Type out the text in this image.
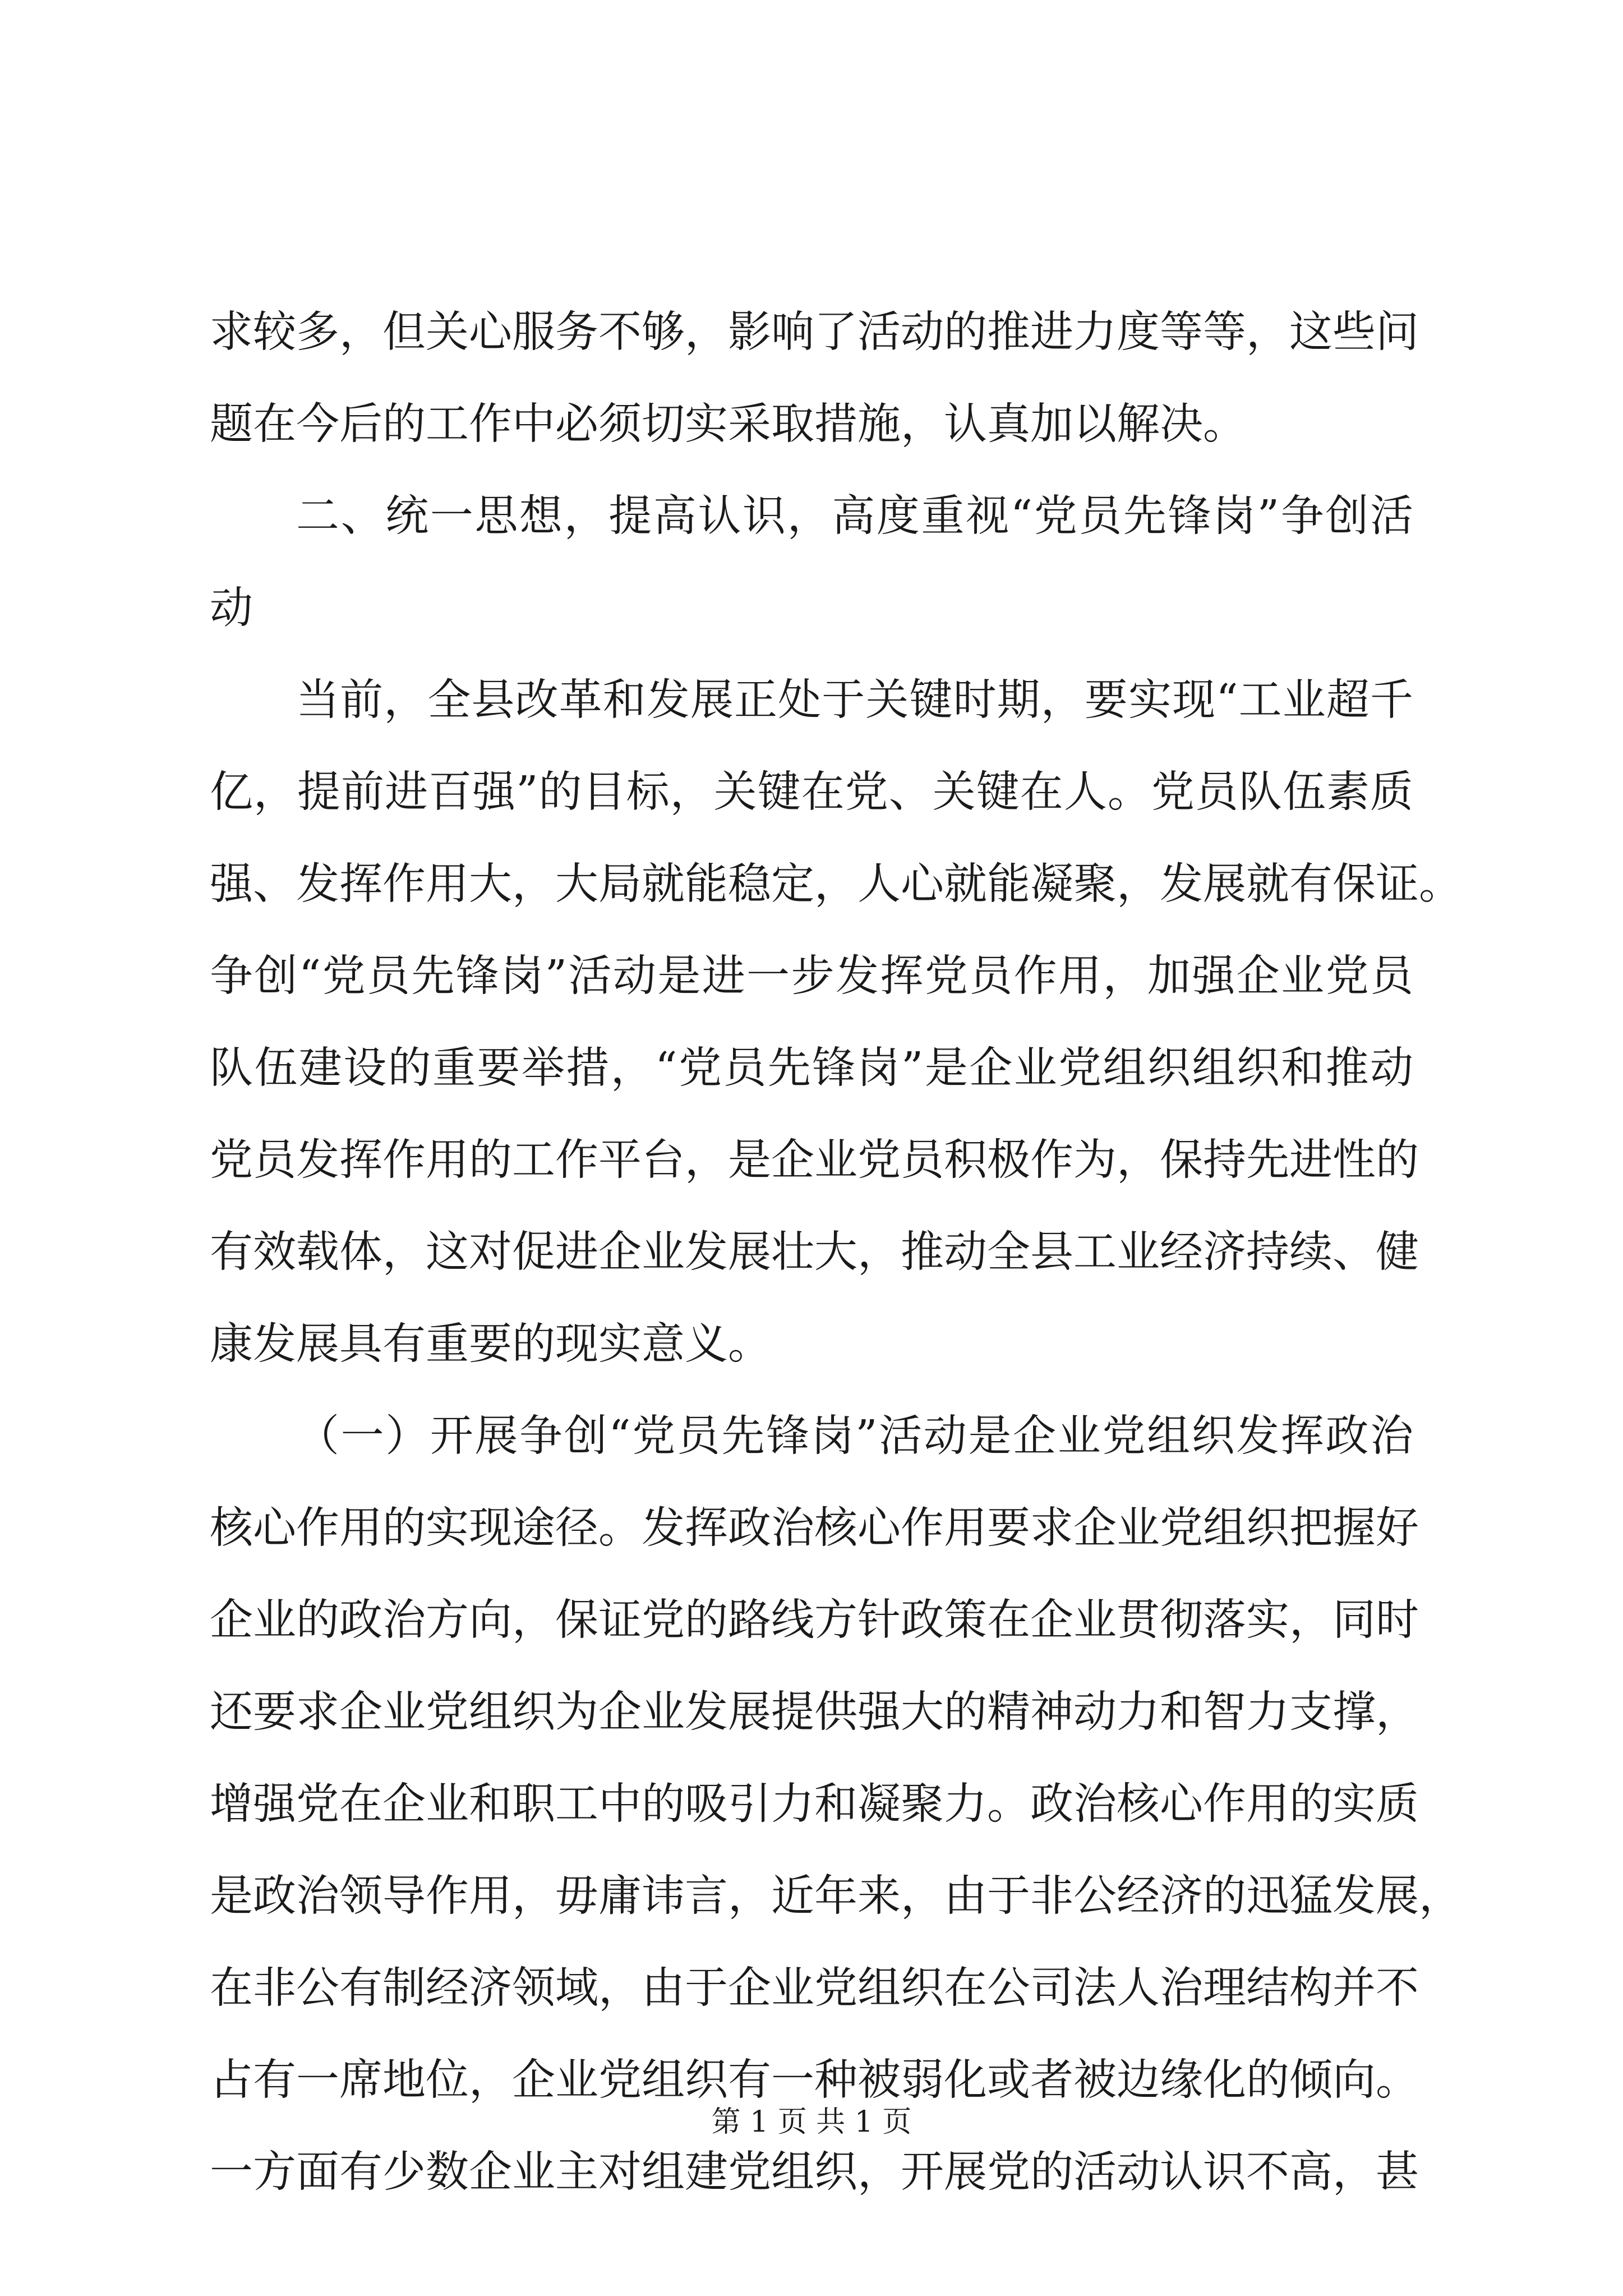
求较多，但关心服务不够，影响了活动的推进力度等等，这些问
题在今后的工作中必须切实采取措施，认真加以解决。
二、统一思想，提高认识，高度重视“党员先锋岗”争创活
动
当前，全县改革和发展正处于关键时期，要实现“工业超千
亿，提前进百强”的目标，关键在党、关键在人。党员队伍素质
强、发挥作用大，大局就能稳定，人心就能凝聚，发展就有保证。
争创“党员先锋岗”活动是进一步发挥党员作用，加强企业党员
队伍建设的重要举措，“党员先锋岗”是企业党组织组织和推动
党员发挥作用的工作平台，是企业党员积极作为，保持先进性的
有效载体，这对促进企业发展壮大，推动全县工业经济持续、健
康发展具有重要的现实意义。
（一）开展争创“党员先锋岗”活动是企业党组织发挥政治
核心作用的实现途径。发挥政治核心作用要求企业党组织把握好
企业的政治方向，保证党的路线方针政策在企业贯彻落实，同时
还要求企业党组织为企业发展提供强大的精神动力和智力支撑，
增强党在企业和职工中的吸引力和凝聚力。政治核心作用的实质
是政治领导作用，毋庸讳言，近年来，由于非公经济的迅猛发展，
在非公有制经济领域，由于企业党组织在公司法人治理结构并不
占有一席地位，企业党组织有一种被弱化或者被边缘化的倾向。
一方面有少数企业主对组建党组织，开展党的活动认识不高，甚
第 1 页 共 1 页
